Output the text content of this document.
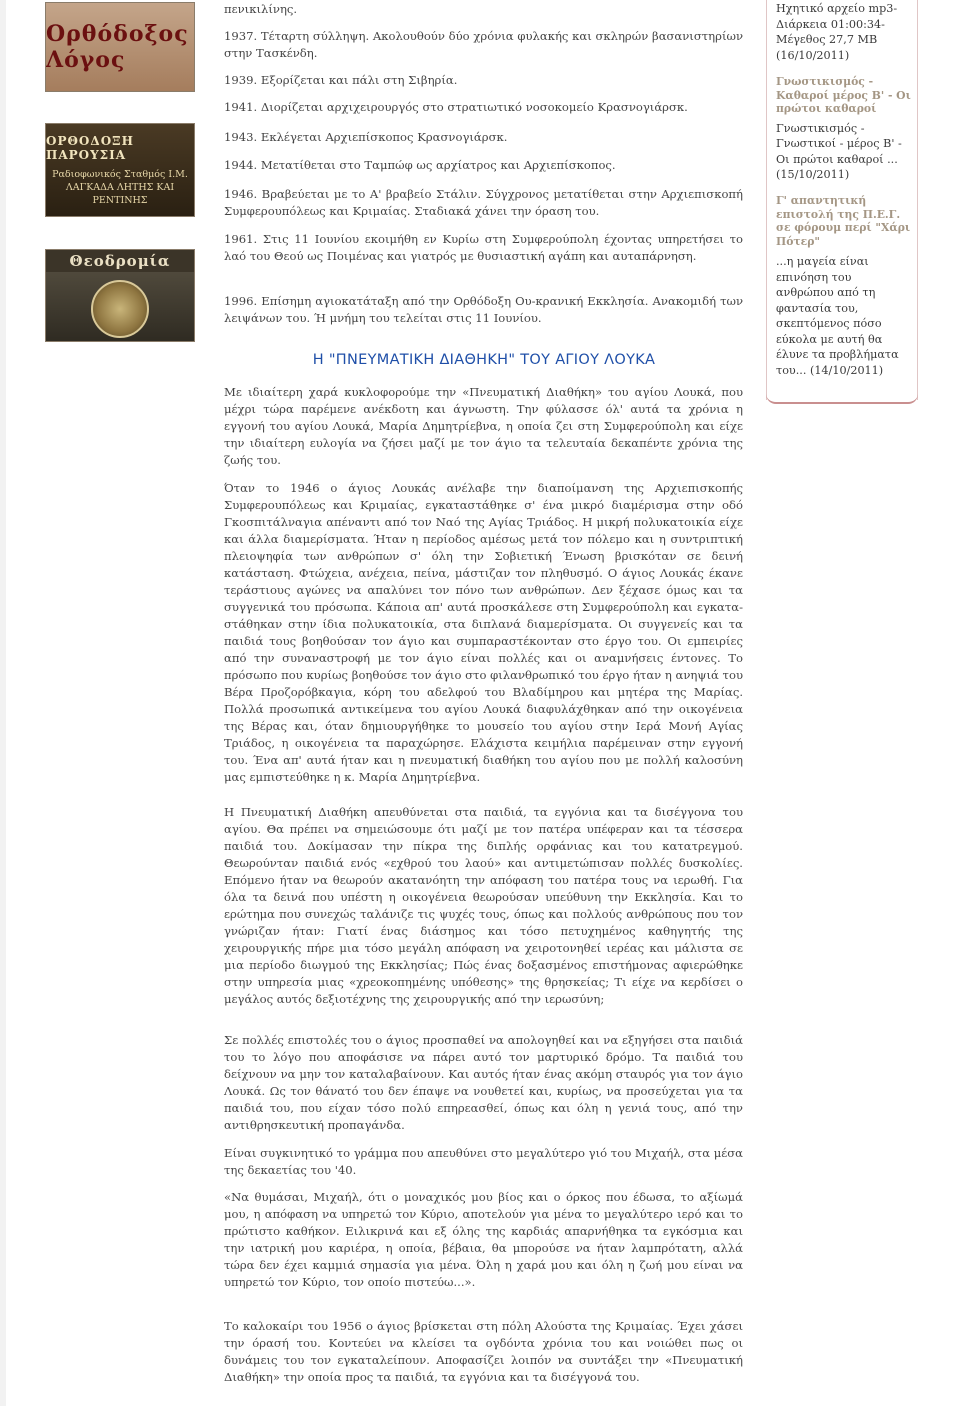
Ορθόδοξος Λόγος
ΟΡΘΟΔΟΞΗ ΠΑΡΟΥΣΙΑ
Ραδιοφωνικός Σταθμός Ι.Μ. ΛΑΓΚΑΔΑ ΛΗΤΗΣ ΚΑΙ ΡΕΝΤΙΝΗΣ
Θεοδρομία

πενικιλίνης.

1937. Τέταρτη σύλληψη. Ακολουθούν δύο χρόνια φυλακής και σκληρών βασανιστηρίων στην Τασκένδη.

1939. Εξορίζεται και πάλι στη Σιβηρία.

1941. Διορίζεται αρχιχειρουργός στο στρατιωτικό νοσοκομείο Κρασνογιάρσκ.

1943. Εκλέγεται Αρχιεπίσκοπος Κρασνογιάρσκ.

1944. Μετατίθεται στο Ταμπώφ ως αρχίατρος και Αρχιεπίσκοπος.

1946. Βραβεύεται με το Α' βραβείο Στάλιν. Σύγχρονος μετατίθεται στην Αρχιεπισκοπή Συμφερουπόλεως και Κριμαίας. Σταδιακά χάνει την όραση του.

1961. Στις 11 Ιουνίου εκοιμήθη εν Κυρίω στη Συμφερούπολη έχοντας υπηρετήσει το λαό του Θεού ως Ποιμένας και γιατρός με θυσιαστική αγάπη και αυταπάρνηση.

1996. Επίσημη αγιοκατάταξη από την Ορθόδοξη Ου-κρανική Εκκλησία. Ανακομιδή των λειψάνων του. Ή μνήμη του τελείται στις 11 Ιουνίου.

Η "ΠΝΕΥΜΑΤΙΚΗ ΔΙΑΘΗΚΗ" ΤΟΥ ΑΓΙΟΥ ΛΟΥΚΑ

Με ιδιαίτερη χαρά κυκλοφορούμε την «Πνευματική Διαθήκη» του αγίου Λουκά, που μέχρι τώρα παρέμενε ανέκδοτη και άγνωστη. Την φύλασσε όλ' αυτά τα χρόνια η εγγονή του αγίου Λουκά, Μαρία Δημητρίεβνα, η οποία ζει στη Συμφερούπολη και είχε την ιδιαίτερη ευλογία να ζήσει μαζί με τον άγιο τα τελευταία δεκαπέντε χρόνια της ζωής του.

Όταν το 1946 ο άγιος Λουκάς ανέλαβε την διαποίμανση της Αρχιεπισκοπής Συμφερουπόλεως και Κριμαίας, εγκαταστάθηκε σ' ένα μικρό διαμέρισμα στην οδό Γκοσπιτάλναγια απέναντι από τον Ναό της Αγίας Τριάδος. Η μικρή πολυκατοικία είχε και άλλα διαμερίσματα. Ήταν η περίοδος αμέσως μετά τον πόλεμο και η συντριπτική πλειοψηφία των ανθρώπων σ' όλη την Σοβιετική Ένωση βρισκόταν σε δεινή κατάσταση. Φτώχεια, ανέχεια, πείνα, μάστιζαν τον πληθυσμό. Ο άγιος Λουκάς έκανε τεράστιους αγώνες να απαλύνει τον πόνο των ανθρώπων. Δεν ξέχασε όμως και τα συγγενικά του πρόσωπα. Κάποια απ' αυτά προσκάλεσε στη Συμφερούπολη και εγκατα-στάθηκαν στην ίδια πολυκατοικία, στα διπλανά διαμερίσματα. Οι συγγενείς και τα παιδιά τους βοηθούσαν τον άγιο και συμπαραστέκονταν στο έργο του. Οι εμπειρίες από την συναναστροφή με τον άγιο είναι πολλές και οι αναμνήσεις έντονες. Το πρόσωπο που κυρίως βοηθούσε τον άγιο στο φιλανθρωπικό του έργο ήταν η ανηψιά του Βέρα Προζορόβκαγια, κόρη του αδελφού του Βλαδίμηρου και μητέρα της Μαρίας. Πολλά προσωπικά αντικείμενα του αγίου Λουκά διαφυλάχθηκαν από την οικογένεια της Βέρας και, όταν δημιουργήθηκε το μουσείο του αγίου στην Ιερά Μονή Αγίας Τριάδος, η οικογένεια τα παραχώρησε. Ελάχιστα κειμήλια παρέμειναν στην εγγονή του. Ένα απ' αυτά ήταν και η πνευματική διαθήκη του αγίου που με πολλή καλοσύνη μας εμπιστεύθηκε η κ. Μαρία Δημητρίεβνα.

Η Πνευματική Διαθήκη απευθύνεται στα παιδιά, τα εγγόνια και τα δισέγγονα του αγίου. Θα πρέπει να σημειώσουμε ότι μαζί με τον πατέρα υπέφεραν και τα τέσσερα παιδιά του. Δοκίμασαν την πίκρα της διπλής ορφάνιας και του κατατρεγμού. Θεωρούνταν παιδιά ενός «εχθρού του λαού» και αντιμετώπισαν πολλές δυσκολίες. Επόμενο ήταν να θεωρούν ακατανόητη την απόφαση του πατέρα τους να ιερωθή. Για όλα τα δεινά που υπέστη η οικογένεια θεωρούσαν υπεύθυνη την Εκκλησία. Και το ερώτημα που συνεχώς ταλάνιζε τις ψυχές τους, όπως και πολλούς ανθρώπους που τον γνώριζαν ήταν: Γιατί ένας διάσημος και τόσο πετυχημένος καθηγητής της χειρουργικής πήρε μια τόσο μεγάλη απόφαση να χειροτονηθεί ιερέας και μάλιστα σε μια περίοδο διωγμού της Εκκλησίας; Πώς ένας δοξασμένος επιστήμονας αφιερώθηκε στην υπηρεσία μιας «χρεοκοπημένης υπόθεσης» της θρησκείας; Τι είχε να κερδίσει ο μεγάλος αυτός δεξιοτέχνης της χειρουργικής από την ιερωσύνη;

Σε πολλές επιστολές του ο άγιος προσπαθεί να απολογηθεί και να εξηγήσει στα παιδιά του το λόγο που αποφάσισε να πάρει αυτό τον μαρτυρικό δρόμο. Τα παιδιά του δείχνουν να μην τον καταλαβαίνουν. Και αυτός ήταν ένας ακόμη σταυρός για τον άγιο Λουκά. Ως τον θάνατό του δεν έπαψε να νουθετεί και, κυρίως, να προσεύχεται για τα παιδιά του, που είχαν τόσο πολύ επηρεασθεί, όπως και όλη η γενιά τους, από την αντιθρησκευτική προπαγάνδα.

Είναι συγκινητικό το γράμμα που απευθύνει στο μεγαλύτερο γιό του Μιχαήλ, στα μέσα της δεκαετίας του '40.

«Να θυμάσαι, Μιχαήλ, ότι ο μοναχικός μου βίος και ο όρκος που έδωσα, το αξίωμά μου, η απόφαση να υπηρετώ τον Κύριο, αποτελούν για μένα το μεγαλύτερο ιερό και το πρώτιστο καθήκον. Ειλικρινά και εξ όλης της καρδιάς απαρνήθηκα τα εγκόσμια και την ιατρική μου καριέρα, η οποία, βέβαια, θα μπορούσε να ήταν λαμπρότατη, αλλά τώρα δεν έχει καμμιά σημασία για μένα. Όλη η χαρά μου και όλη η ζωή μου είναι να υπηρετώ τον Κύριο, τον οποίο πιστεύω...».

Το καλοκαίρι του 1956 ο άγιος βρίσκεται στη πόλη Αλούστα της Κριμαίας. Έχει χάσει την όρασή του. Κοντεύει να κλείσει τα ογδόντα χρόνια του και νοιώθει πως οι δυνάμεις του τον εγκαταλείπουν. Αποφασίζει λοιπόν να συντάξει την «Πνευματική Διαθήκη» την οποία προς τα παιδιά, τα εγγόνια και τα δισέγγονά του.

Ηχητικό αρχείο mp3- Διάρκεια 01:00:34- Μέγεθος 27,7 MB (16/10/2011)
Γνωστικισμός - Καθαροί μέρος Β' - Οι πρώτοι καθαροί
Γνωστικισμός - Γνωστικοί - μέρος Β' - Οι πρώτοι καθαροί ... (15/10/2011)
Γ' απαντητική επιστολή της Π.Ε.Γ. σε φόρουμ περί "Χάρι Πότερ"
...η μαγεία είναι επινόηση του ανθρώπου από τη φαντασία του, σκεπτόμενος πόσο εύκολα με αυτή θα έλυνε τα προβλήματα του... (14/10/2011)
